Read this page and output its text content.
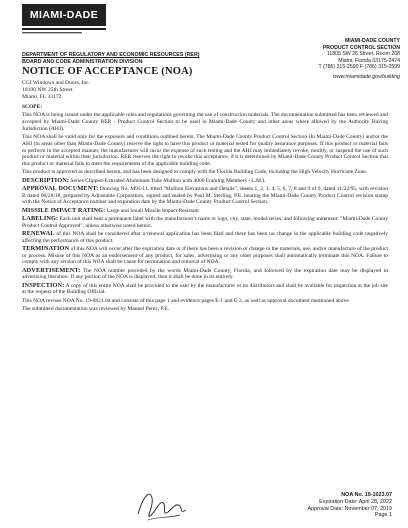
MIAMI-DADE
DEPARTMENT OF REGULATORY AND ECONOMIC RESOURCES (RER)
BOARD AND CODE ADMINISTRATION DIVISION
NOTICE OF ACCEPTANCE (NOA)
MIAMI-DADE COUNTY
PRODUCT CONTROL SECTION
11805 SW 26 Street, Room 208
Miami, Florida 33175-2474
T (786) 315-2590 F (786) 315-2599
www.miamidade.gov/building
CGI Windows and Doors, Inc.
10100 NW 25th Street
Miami, FL 33172

SCOPE:

This NOA is being issued under the applicable rules and regulations governing the use of construction materials. The documentation submitted has been reviewed and accepted by Miami-Dade County RER - Product Control Section to be used in Miami-Dade County and other areas where allowed by the Authority Having Jurisdiction (AHJ).

This NOA shall be valid only for the exposure and conditions outlined herein. The Miami-Dade County Product Control Section (In Miami-Dade County) and/or the AHJ (in areas other than Miami-Dade County) reserve the right to have this product or material tested for quality assurance purposes. If this product or material fails to perform in the accepted manner, the manufacturer will incur the expense of such testing and the AHJ may immediately revoke, modify, or suspend the use of such product or material within their jurisdiction. RER reserves the right to revoke this acceptance, if it is determined by Miami-Dade County Product Control Section that this product or material fails to meet the requirements of the applicable building code.

This product is approved as described herein, and has been designed to comply with the Florida Building Code, including the High Velocity Hurricane Zone.

DESCRIPTION: Series Clipped-Extruded Aluminum Tube Mullion with 4000 Framing Members - L.M.I.

APPROVAL DOCUMENT: Drawing No. M95-11, titled "Mullion Elevations and Details", sheets 1, 2, 3, 4, 5, 6, 7, 8 and 9 of 9, dated 11/22/95, with revision B dated 06/28/18, prepared by Adjustable Corporation, signed and sealed by Paul M. Sterling, P.E. bearing the Miami-Dade County Product Control revision stamp with the Notice of Acceptance number and expiration date by the Miami-Dade County Product Control Section.

MISSILE IMPACT RATING: Large and Small Missile Impact Resistant

LABELING: Each unit shall bear a permanent label with the manufacturer's name or logo, city, state, model/series, and following statement: "Miami-Dade County Product Control Approved", unless otherwise noted herein.

RENEWAL of this NOA shall be considered after a renewal application has been filed and there has been no change in the applicable building code negatively affecting the performance of this product.

TERMINATION of this NOA will occur after the expiration date or if there has been a revision or change in the materials, use, and/or manufacture of the product or process. Misuse of this NOA as an endorsement of any product, for sales, advertising or any other purposes shall automatically terminate this NOA. Failure to comply with any section of this NOA shall be cause for termination and removal of NOA.

ADVERTISEMENT: The NOA number preceded by the words Miami-Dade County, Florida, and followed by the expiration date may be displayed in advertising literature. If any portion of the NOA is displayed, then it shall be done in its entirety.

INSPECTION: A copy of this entire NOA shall be provided to the user by the manufacturer or its distributors and shall be available for inspection at the job site at the request of the Building Official.

This NOA revises NOA No. 19-0821.04 and consists of this page 1 and evidence pages E-1 and E-2, as well as approval document mentioned above.

The submitted documentation was reviewed by Manuel Perez, P.E.

NOA No. 19-1023.07
Expiration Date: April 28, 2022
Approval Date: November 07, 2019
Page 1
